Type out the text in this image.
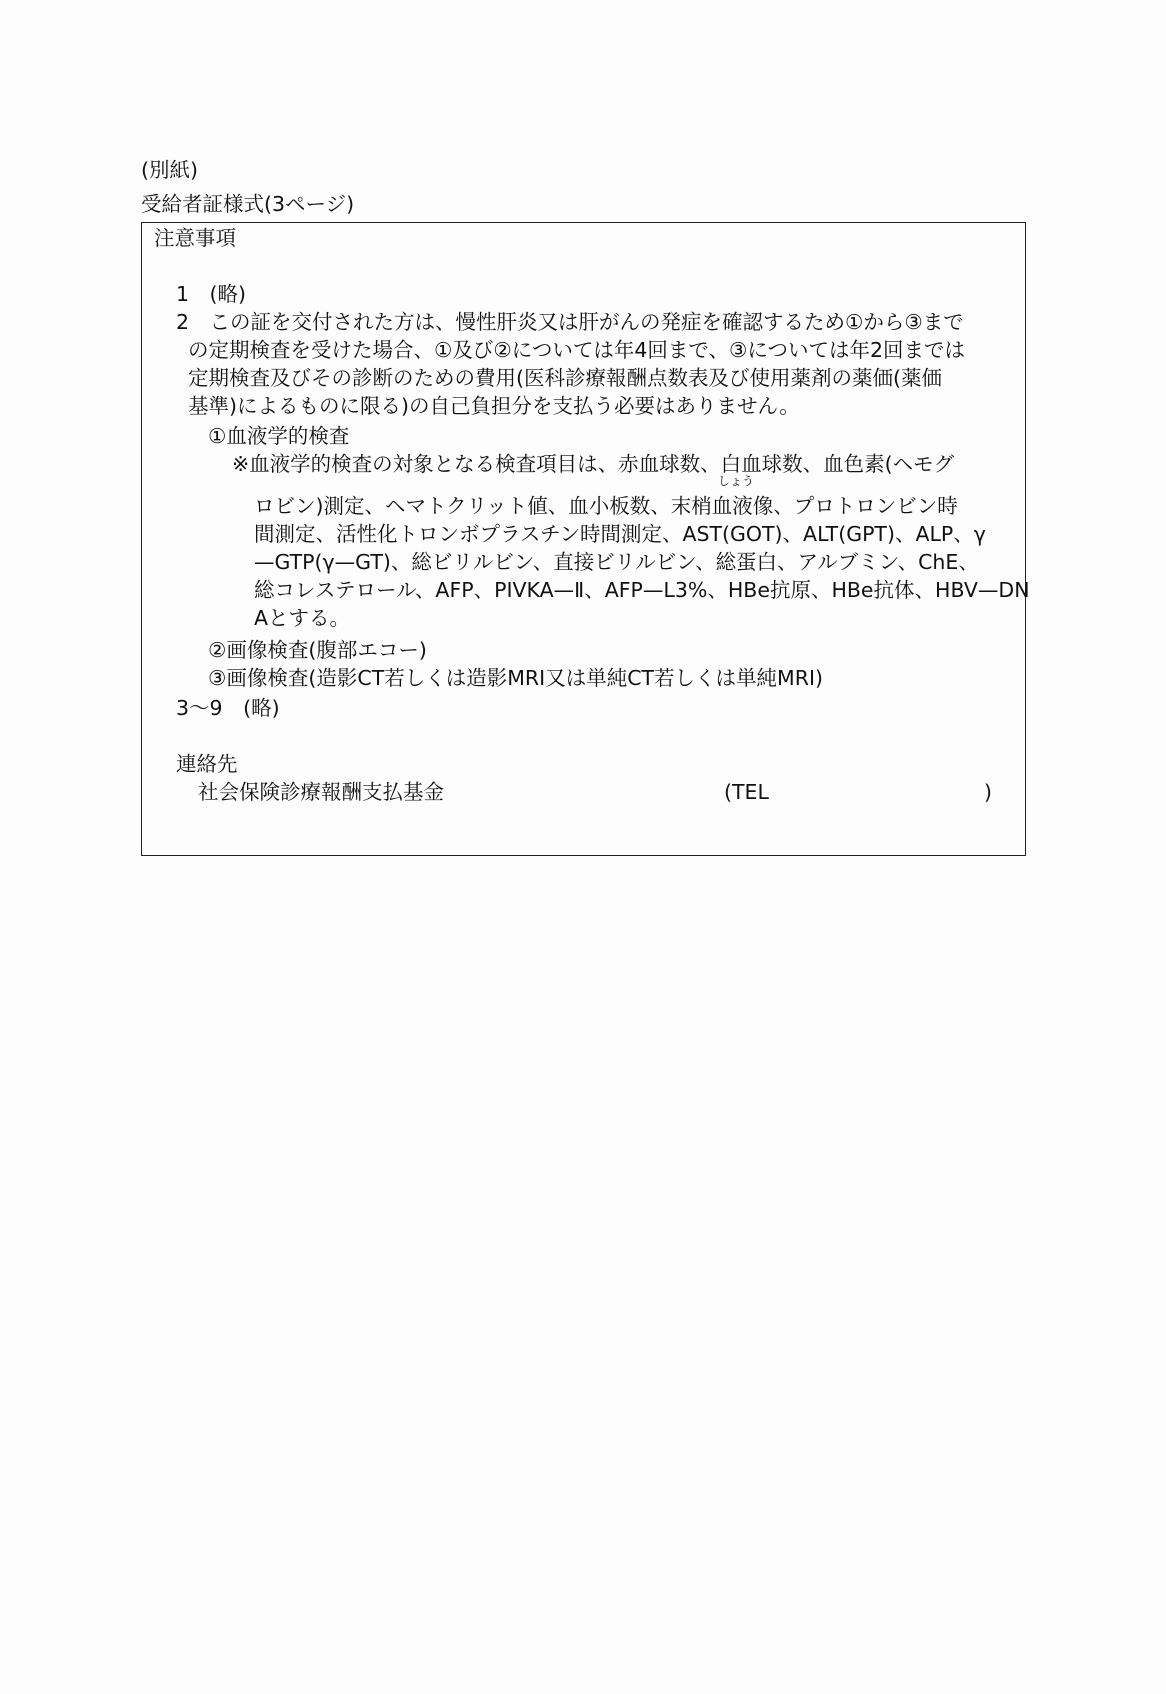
(別紙)
受給者証様式(3ページ)
注意事項
1　(略)
2　この証を交付された方は、慢性肝炎又は肝がんの発症を確認するため①から③まで
の定期検査を受けた場合、①及び②については年4回まで、③については年2回までは
定期検査及びその診断のための費用(医科診療報酬点数表及び使用薬剤の薬価(薬価
基準)によるものに限る)の自己負担分を支払う必要はありません。
①血液学的検査
※血液学的検査の対象となる検査項目は、赤血球数、白血球数、血色素(ヘモグ
しょう
ロビン)測定、ヘマトクリット値、血小板数、末梢血液像、プロトロンビン時
間測定、活性化トロンボプラスチン時間測定、AST(GOT)、ALT(GPT)、ALP、γ
—GTP(γ—GT)、総ビリルビン、直接ビリルビン、総蛋白、アルブミン、ChE、
総コレステロール、AFP、PIVKA—Ⅱ、AFP—L3%、HBe抗原、HBe抗体、HBV—DN
Aとする。
②画像検査(腹部エコー)
③画像検査(造影CT若しくは造影MRI又は単純CT若しくは単純MRI)
3〜9　(略)
連絡先
社会保険診療報酬支払基金	(TEL	)
